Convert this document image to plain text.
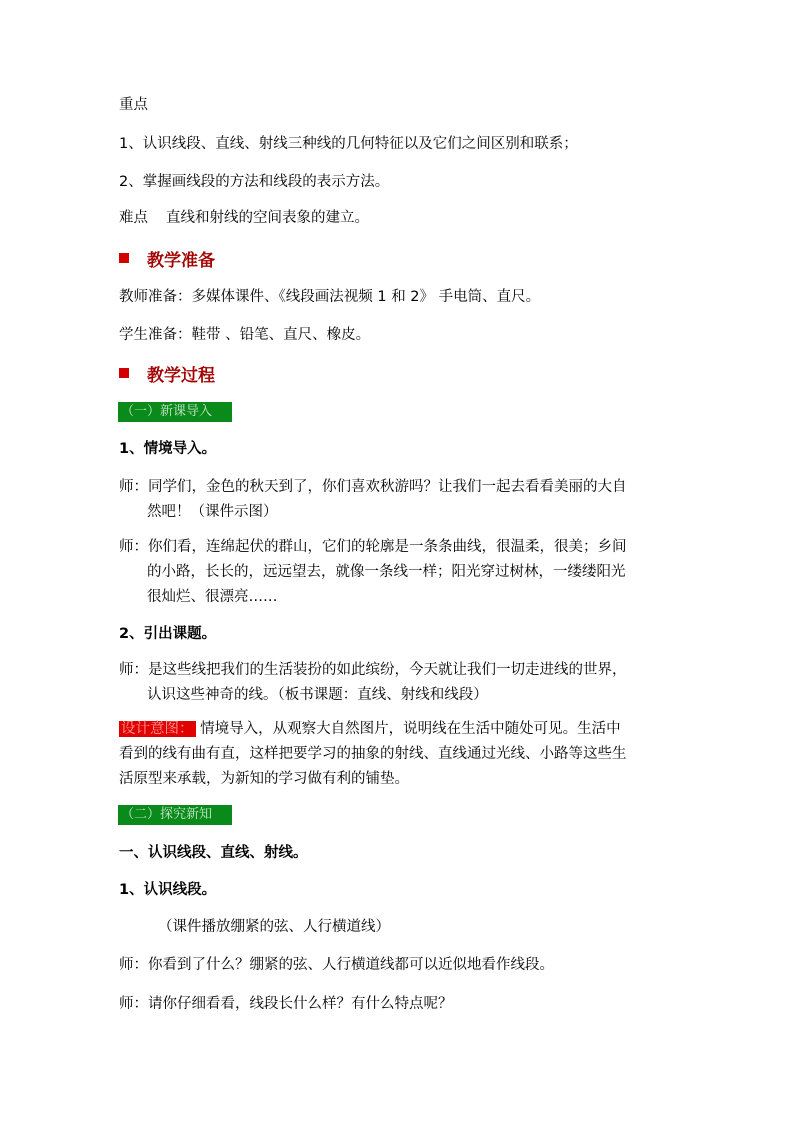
重点
1、认识线段、直线、射线三种线的几何特征以及它们之间区别和联系；
2、掌握画线段的方法和线段的表示方法。
难点 直线和射线的空间表象的建立。
教学准备
教师准备：多媒体课件、《线段画法视频 1 和 2》 手电筒、直尺。
学生准备：鞋带 、铅笔、直尺、橡皮。
教学过程
（一）新课导入
1、情境导入。
师：同学们，金色的秋天到了，你们喜欢秋游吗？让我们一起去看看美丽的大自
然吧！（课件示图）
师：你们看，连绵起伏的群山，它们的轮廓是一条条曲线，很温柔，很美；乡间
的小路，长长的，远远望去，就像一条线一样；阳光穿过树林，一缕缕阳光
很灿烂、很漂亮……
2、引出课题。
师：是这些线把我们的生活装扮的如此缤纷，今天就让我们一切走进线的世界，
认识这些神奇的线。（板书课题：直线、射线和线段）
设计意图： 情境导入，从观察大自然图片，说明线在生活中随处可见。生活中
看到的线有曲有直，这样把要学习的抽象的射线、直线通过光线、小路等这些生
活原型来承载，为新知的学习做有利的铺垫。
（二）探究新知
一、认识线段、直线、射线。
1、认识线段。
（课件播放绷紧的弦、人行横道线）
师：你看到了什么？绷紧的弦、人行横道线都可以近似地看作线段。
师：请你仔细看看，线段长什么样？有什么特点呢？
